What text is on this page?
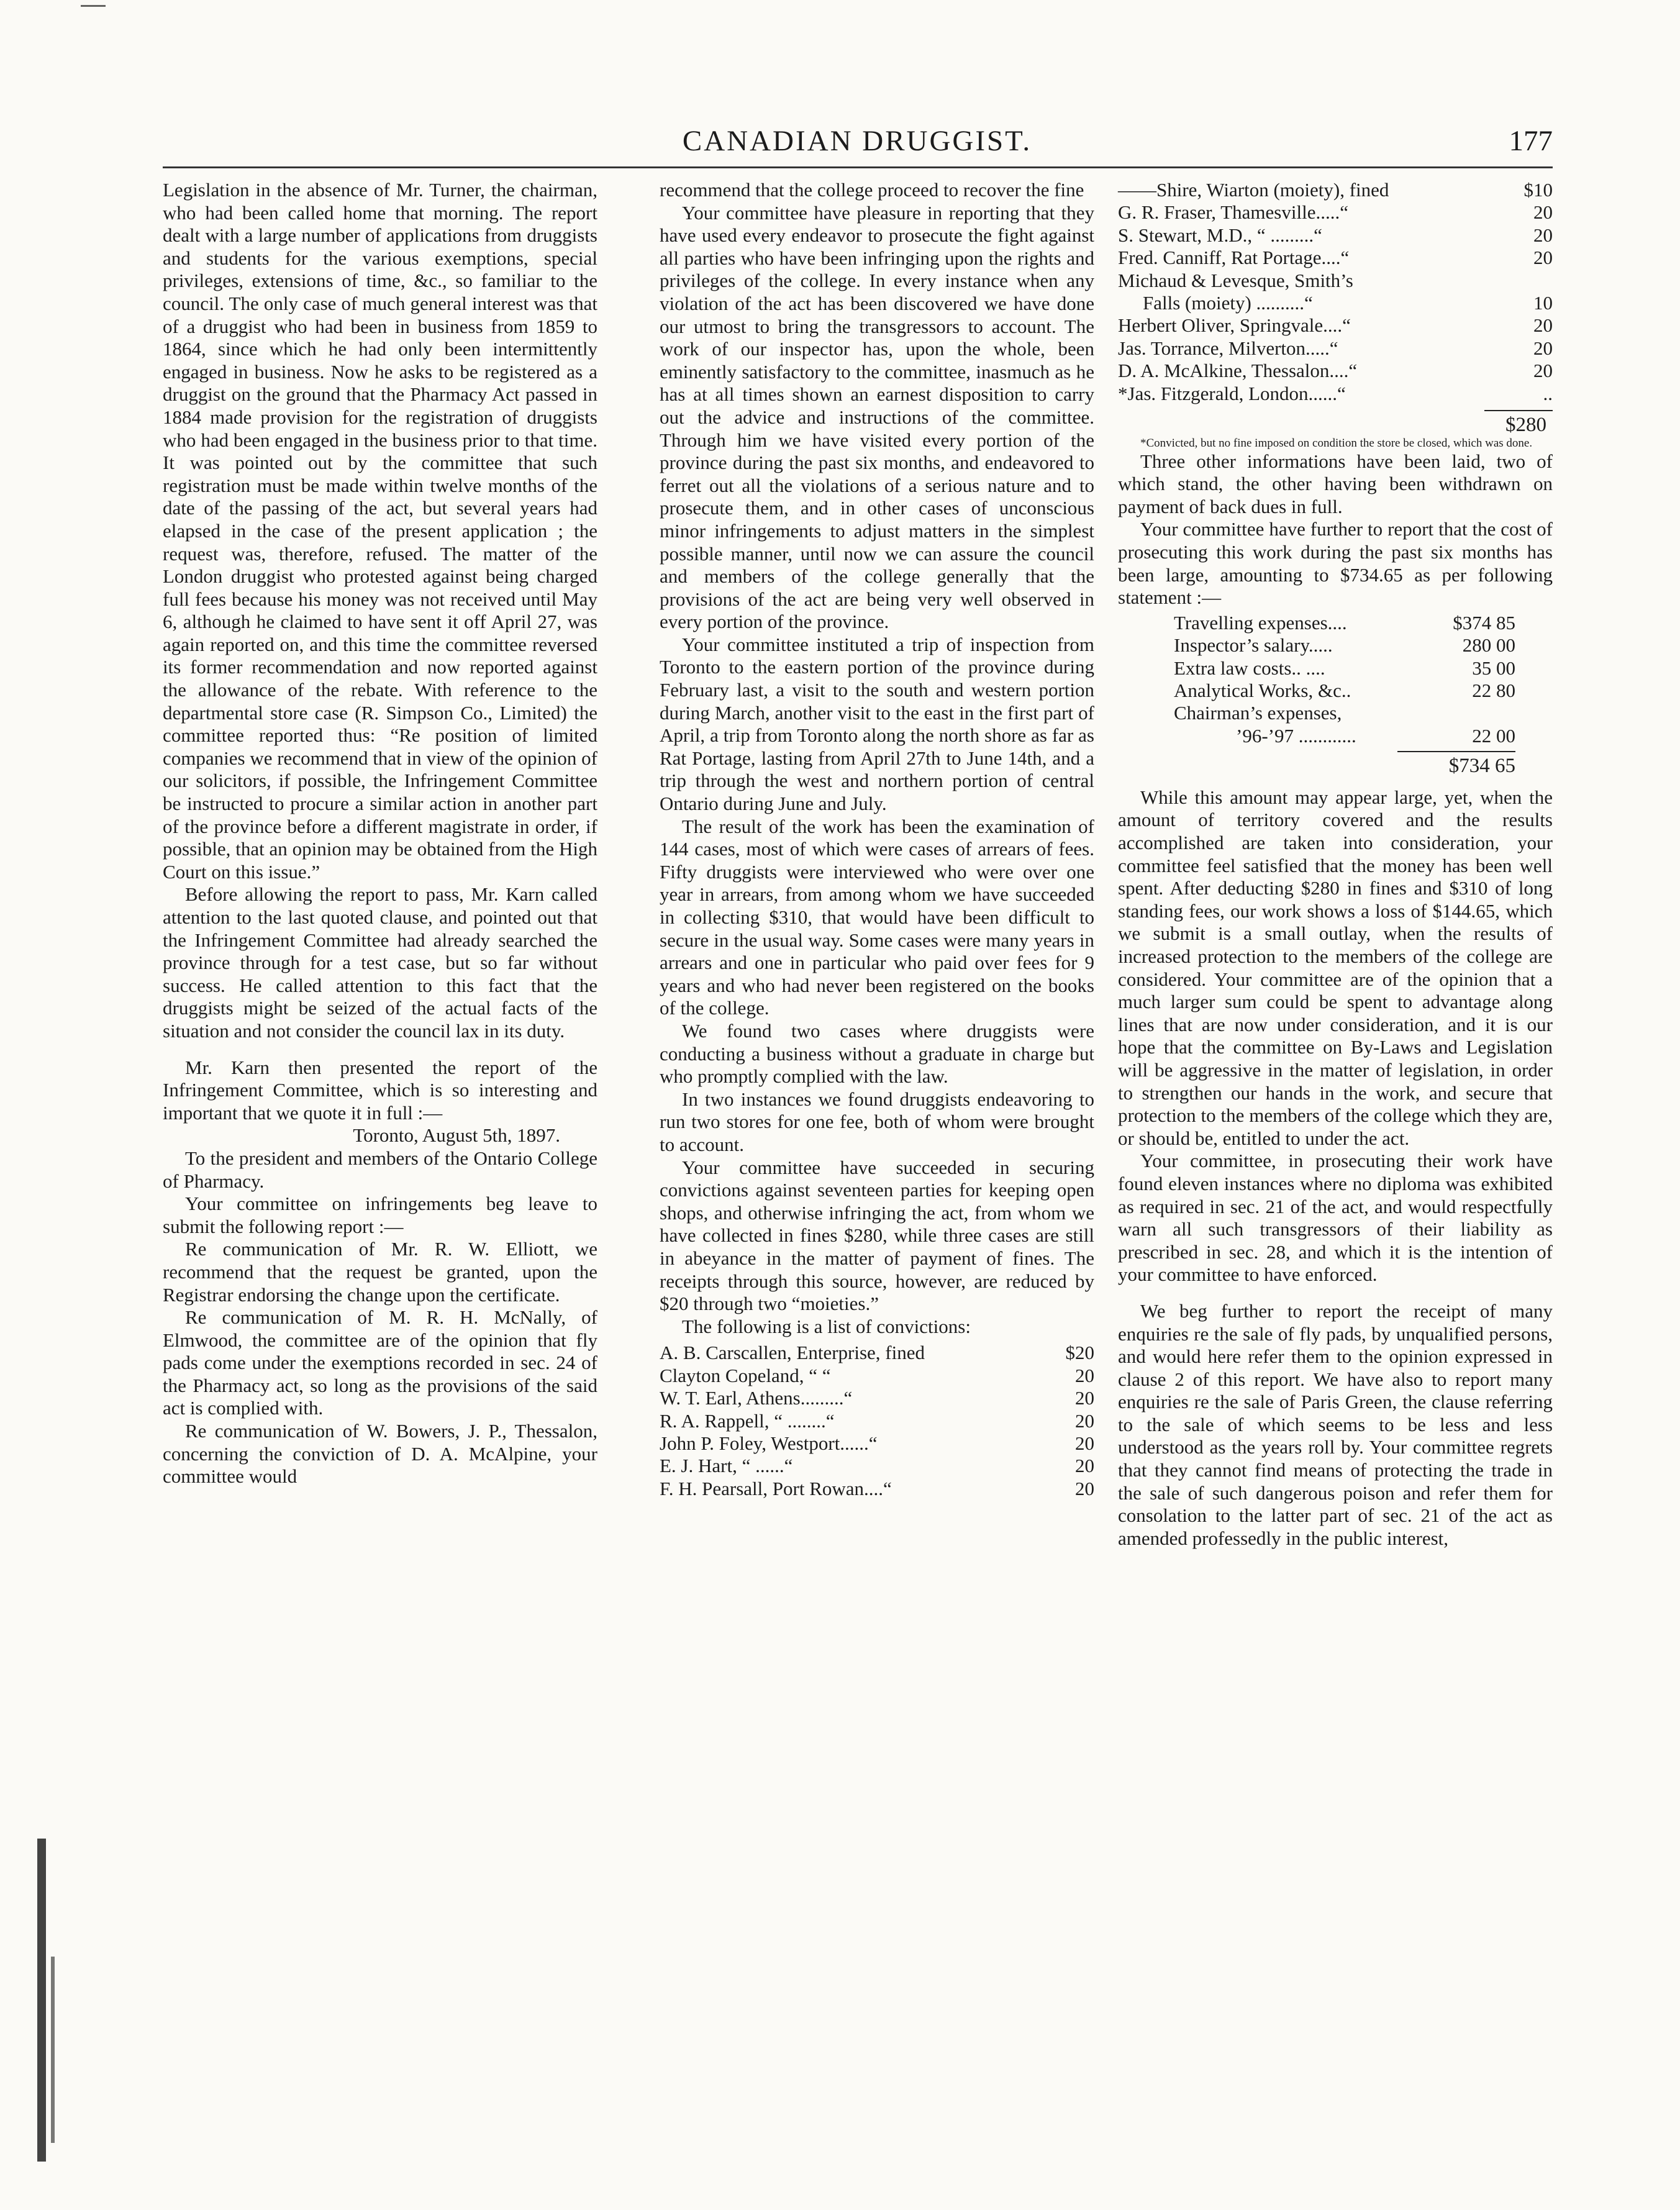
CANADIAN DRUGGIST.	177

Legislation in the absence of Mr. Turner, the chairman, who had been called home that morning. The report dealt with a large number of applications from druggists and students for the various exemptions, special privileges, extensions of time, &c., so familiar to the council. The only case of much general interest was that of a druggist who had been in business from 1859 to 1864, since which he had only been intermittently engaged in business. Now he asks to be registered as a druggist on the ground that the Pharmacy Act passed in 1884 made provision for the registration of druggists who had been engaged in the business prior to that time. It was pointed out by the committee that such registration must be made within twelve months of the date of the passing of the act, but several years had elapsed in the case of the present application ; the request was, therefore, refused. The matter of the London druggist who protested against being charged full fees because his money was not received until May 6, although he claimed to have sent it off April 27, was again reported on, and this time the committee reversed its former recommendation and now reported against the allowance of the rebate. With reference to the departmental store case (R. Simpson Co., Limited) the committee reported thus: “Re position of limited companies we recommend that in view of the opinion of our solicitors, if possible, the Infringement Committee be instructed to procure a similar action in another part of the province before a different magistrate in order, if possible, that an opinion may be obtained from the High Court on this issue.”

Before allowing the report to pass, Mr. Karn called attention to the last quoted clause, and pointed out that the Infringement Committee had already searched the province through for a test case, but so far without success. He called attention to this fact that the druggists might be seized of the actual facts of the situation and not consider the council lax in its duty.

Mr. Karn then presented the report of the Infringement Committee, which is so interesting and important that we quote it in full :—

Toronto, August 5th, 1897.

To the president and members of the Ontario College of Pharmacy.

Your committee on infringements beg leave to submit the following report :—

Re communication of Mr. R. W. Elliott, we recommend that the request be granted, upon the Registrar endorsing the change upon the certificate.

Re communication of M. R. H. McNally, of Elmwood, the committee are of the opinion that fly pads come under the exemptions recorded in sec. 24 of the Pharmacy act, so long as the provisions of the said act is complied with.

Re communication of W. Bowers, J. P., Thessalon, concerning the conviction of D. A. McAlpine, your committee would

recommend that the college proceed to recover the fine

Your committee have pleasure in reporting that they have used every endeavor to prosecute the fight against all parties who have been infringing upon the rights and privileges of the college. In every instance when any violation of the act has been discovered we have done our utmost to bring the transgressors to account. The work of our inspector has, upon the whole, been eminently satisfactory to the committee, inasmuch as he has at all times shown an earnest disposition to carry out the advice and instructions of the committee. Through him we have visited every portion of the province during the past six months, and endeavored to ferret out all the violations of a serious nature and to prosecute them, and in other cases of unconscious minor infringements to adjust matters in the simplest possible manner, until now we can assure the council and members of the college generally that the provisions of the act are being very well observed in every portion of the province.

Your committee instituted a trip of inspection from Toronto to the eastern portion of the province during February last, a visit to the south and western portion during March, another visit to the east in the first part of April, a trip from Toronto along the north shore as far as Rat Portage, lasting from April 27th to June 14th, and a trip through the west and northern portion of central Ontario during June and July.

The result of the work has been the examination of 144 cases, most of which were cases of arrears of fees. Fifty druggists were interviewed who were over one year in arrears, from among whom we have succeeded in collecting $310, that would have been difficult to secure in the usual way. Some cases were many years in arrears and one in particular who paid over fees for 9 years and who had never been registered on the books of the college.

We found two cases where druggists were conducting a business without a graduate in charge but who promptly complied with the law.

In two instances we found druggists endeavoring to run two stores for one fee, both of whom were brought to account.

Your committee have succeeded in securing convictions against seventeen parties for keeping open shops, and otherwise infringing the act, from whom we have collected in fines $280, while three cases are still in abeyance in the matter of payment of fines. The receipts through this source, however, are reduced by $20 through two “moieties.”

The following is a list of convictions:

A. B. Carscallen, Enterprise, fined	$20
Clayton Copeland, “ “	20
W. T. Earl, Athens.........“	20
R. A. Rappell, “ ........“	20
John P. Foley, Westport......“	20
E. J. Hart, “ ......“	20
F. H. Pearsall, Port Rowan....“	20
——Shire, Wiarton (moiety), fined	$10
G. R. Fraser, Thamesville.....“	20
S. Stewart, M.D., “ .........“	20
Fred. Canniff, Rat Portage....“	20
Michaud & Levesque, Smith’s
Falls (moiety) ..........“	10
Herbert Oliver, Springvale....“	20
Jas. Torrance, Milverton.....“	20
D. A. McAlkine, Thessalon....“	20
*Jas. Fitzgerald, London......“	..
$280

*Convicted, but no fine imposed on condition the store be closed, which was done.

Three other informations have been laid, two of which stand, the other having been withdrawn on payment of back dues in full.

Your committee have further to report that the cost of prosecuting this work during the past six months has been large, amounting to $734.65 as per following statement :—

Travelling expenses....	$374 85
Inspector’s salary.....	280 00
Extra law costs.. ....	35 00
Analytical Works, &c..	22 80
Chairman’s expenses,
’96-’97 ............	22 00
$734 65

While this amount may appear large, yet, when the amount of territory covered and the results accomplished are taken into consideration, your committee feel satisfied that the money has been well spent. After deducting $280 in fines and $310 of long standing fees, our work shows a loss of $144.65, which we submit is a small outlay, when the results of increased protection to the members of the college are considered. Your committee are of the opinion that a much larger sum could be spent to advantage along lines that are now under consideration, and it is our hope that the committee on By-Laws and Legislation will be aggressive in the matter of legislation, in order to strengthen our hands in the work, and secure that protection to the members of the college which they are, or should be, entitled to under the act.

Your committee, in prosecuting their work have found eleven instances where no diploma was exhibited as required in sec. 21 of the act, and would respectfully warn all such transgressors of their liability as prescribed in sec. 28, and which it is the intention of your committee to have enforced.

We beg further to report the receipt of many enquiries re the sale of fly pads, by unqualified persons, and would here refer them to the opinion expressed in clause 2 of this report. We have also to report many enquiries re the sale of Paris Green, the clause referring to the sale of which seems to be less and less understood as the years roll by. Your committee regrets that they cannot find means of protecting the trade in the sale of such dangerous poison and refer them for consolation to the latter part of sec. 21 of the act as amended professedly in the public interest,
